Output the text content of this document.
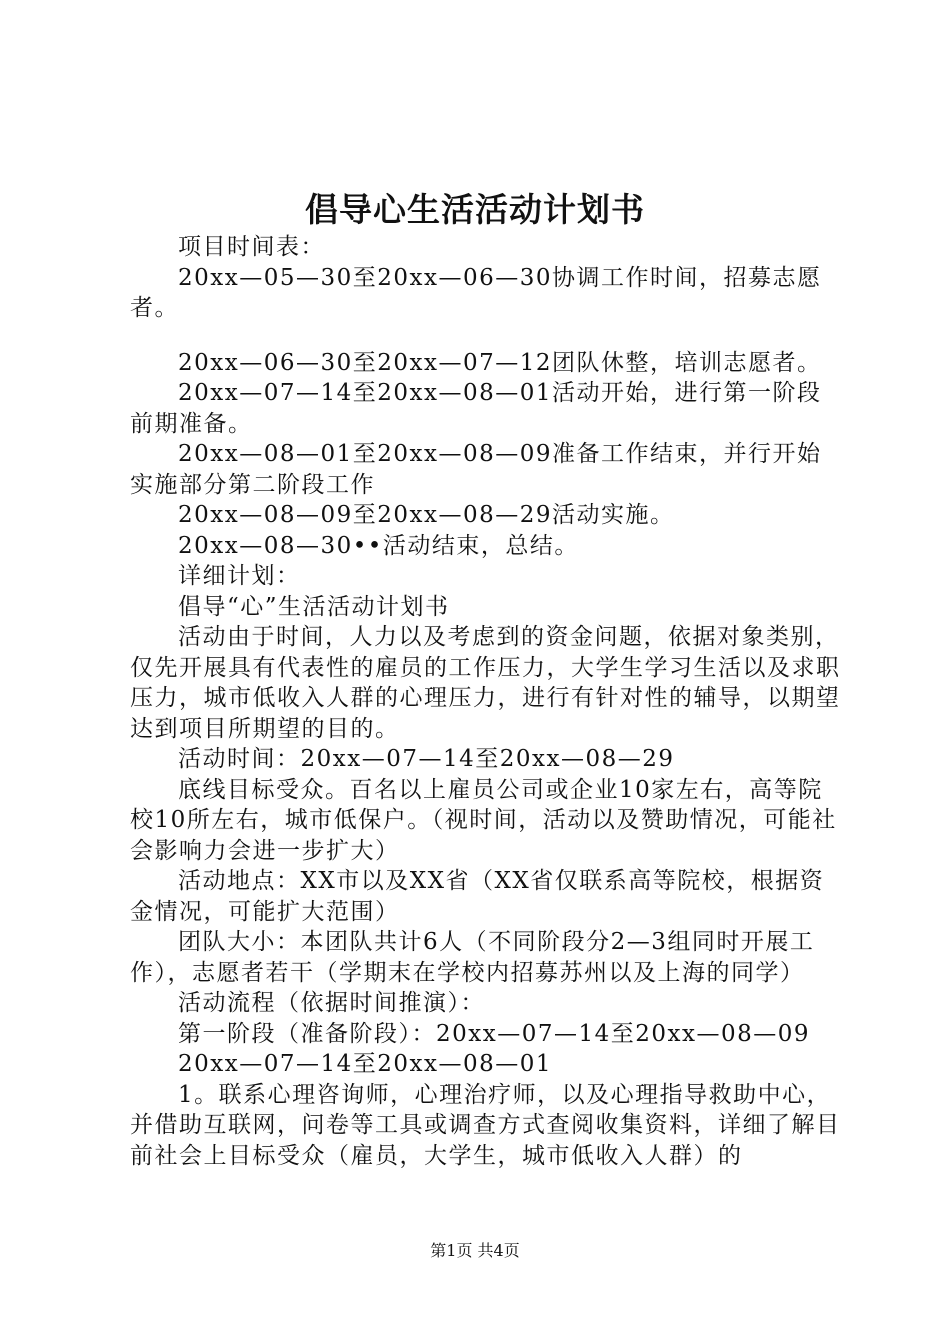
倡导心生活活动计划书

项目时间表：

20xx—05—30至20xx—06—30协调工作时间，招募志愿者。

20xx—06—30至20xx—07—12团队休整，培训志愿者。

20xx—07—14至20xx—08—01活动开始，进行第一阶段前期准备。

20xx—08—01至20xx—08—09准备工作结束，并行开始实施部分第二阶段工作

20xx—08—09至20xx—08—29活动实施。

20xx—08—30••活动结束，总结。

详细计划：

倡导“心”生活活动计划书

活动由于时间，人力以及考虑到的资金问题，依据对象类别，仅先开展具有代表性的雇员的工作压力，大学生学习生活以及求职压力，城市低收入人群的心理压力，进行有针对性的辅导，以期望达到项目所期望的目的。

活动时间：20xx—07—14至20xx—08—29

底线目标受众。百名以上雇员公司或企业10家左右，高等院校10所左右，城市低保户。（视时间，活动以及赞助情况，可能社会影响力会进一步扩大）

活动地点：XX市以及XX省（XX省仅联系高等院校，根据资金情况，可能扩大范围）

团队大小：本团队共计6人（不同阶段分2—3组同时开展工作），志愿者若干（学期末在学校内招募苏州以及上海的同学）

活动流程（依据时间推演）：

第一阶段（准备阶段）：20xx—07—14至20xx—08—09

20xx—07—14至20xx—08—01

1。联系心理咨询师，心理治疗师，以及心理指导救助中心，并借助互联网，问卷等工具或调查方式查阅收集资料，详细了解目前社会上目标受众（雇员，大学生，城市低收入人群）的

第1页 共4页
